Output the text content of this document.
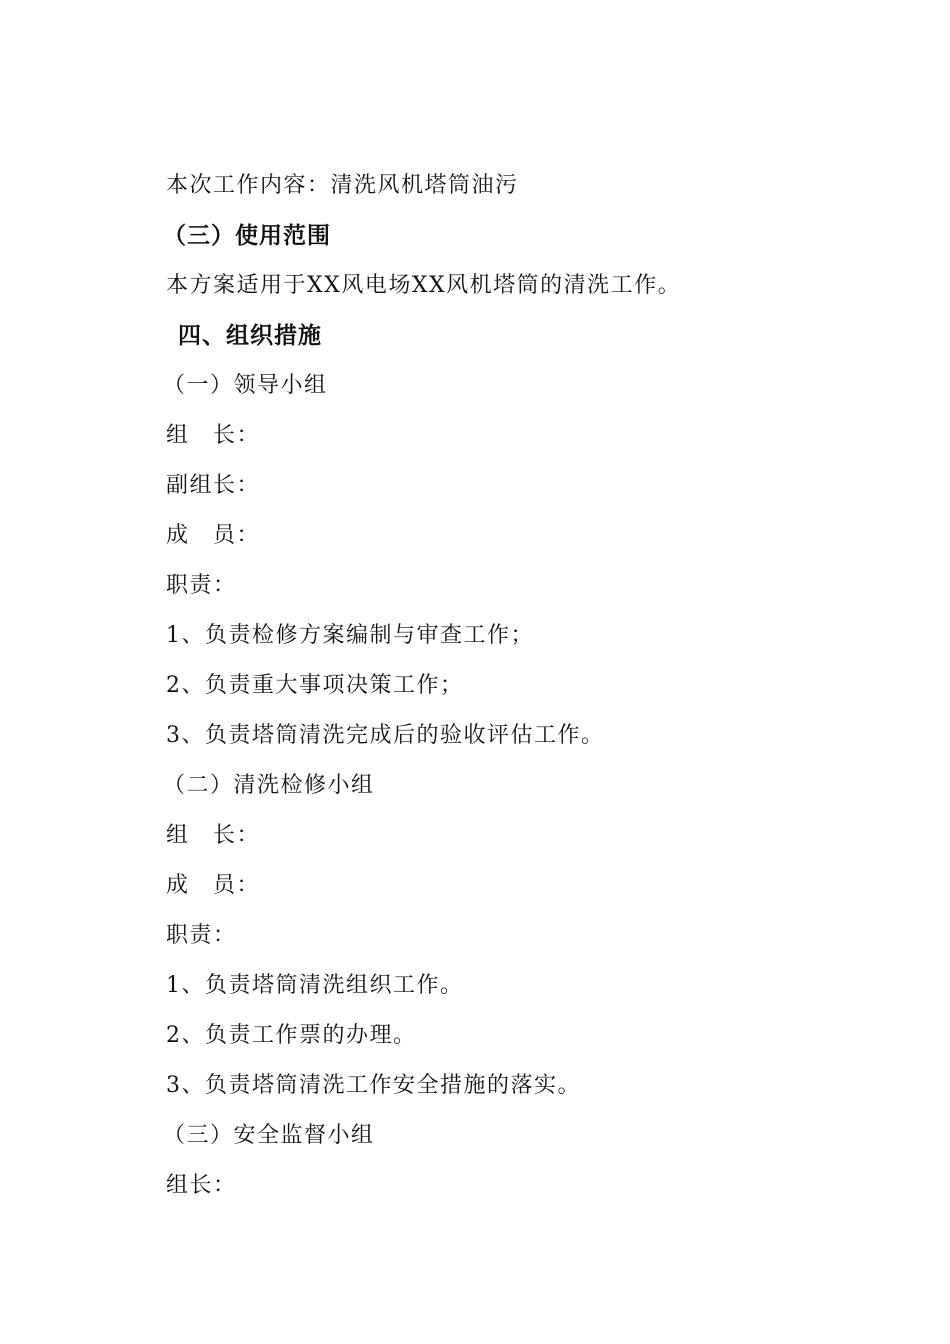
本次工作内容：清洗风机塔筒油污
（三）使用范围
本方案适用于XX风电场XX风机塔筒的清洗工作。
四、组织措施
（一）领导小组
组　长：
副组长：
成　员：
职责：
1、负责检修方案编制与审查工作；
2、负责重大事项决策工作；
3、负责塔筒清洗完成后的验收评估工作。
（二）清洗检修小组
组　长：
成　员：
职责：
1、负责塔筒清洗组织工作。
2、负责工作票的办理。
3、负责塔筒清洗工作安全措施的落实。
（三）安全监督小组
组长：
